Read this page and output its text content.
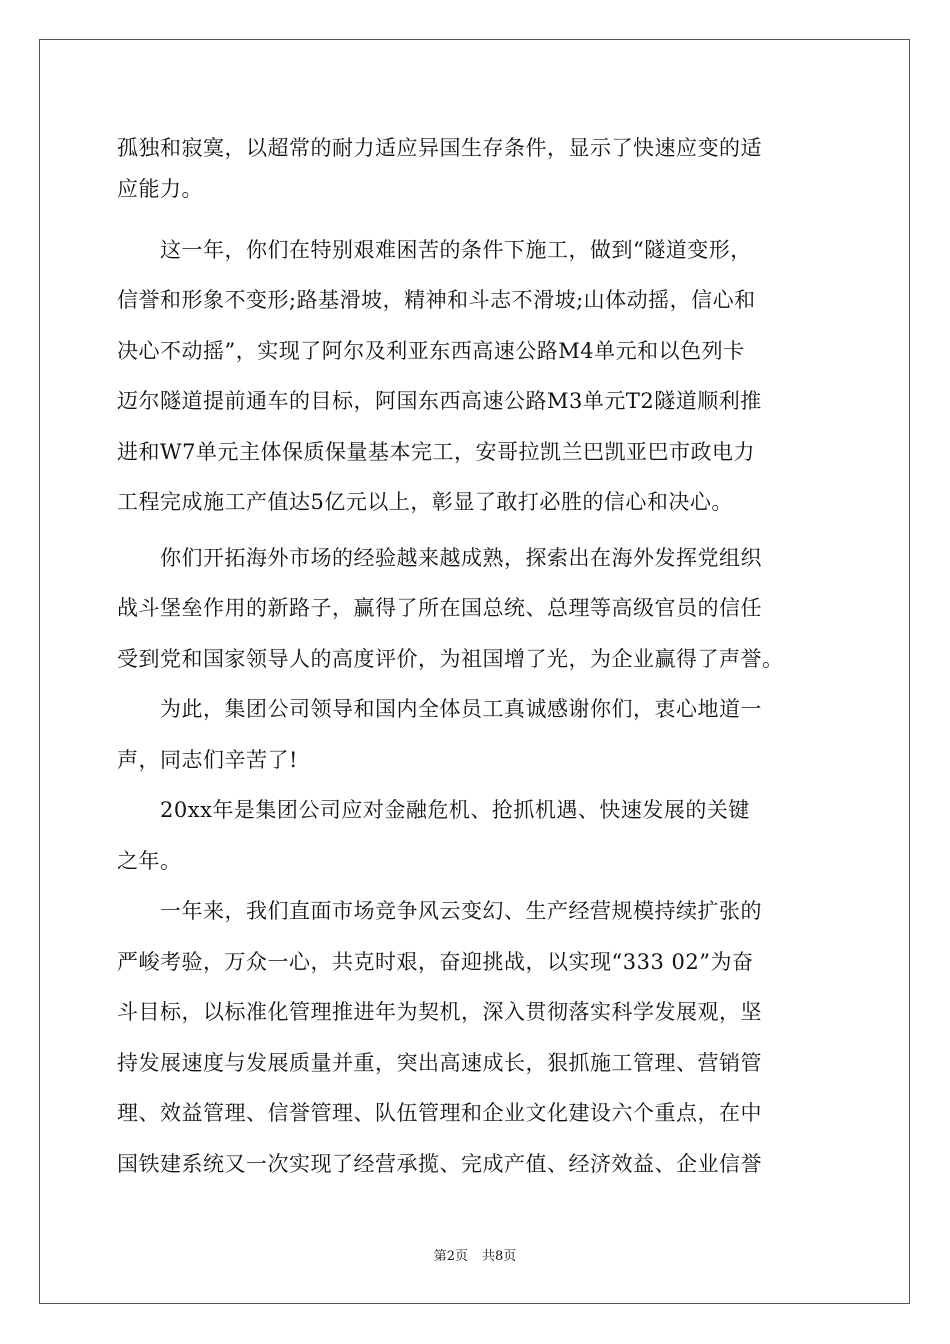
孤独和寂寞，以超常的耐力适应异国生存条件，显示了快速应变的适
应能力。
　　这一年，你们在特别艰难困苦的条件下施工，做到“隧道变形，
信誉和形象不变形;路基滑坡，精神和斗志不滑坡;山体动摇，信心和
决心不动摇”，实现了阿尔及利亚东西高速公路M4单元和以色列卡
迈尔隧道提前通车的目标，阿国东西高速公路M3单元T2隧道顺利推
进和W7单元主体保质保量基本完工，安哥拉凯兰巴凯亚巴市政电力
工程完成施工产值达5亿元以上，彰显了敢打必胜的信心和决心。
　　你们开拓海外市场的经验越来越成熟，探索出在海外发挥党组织
战斗堡垒作用的新路子，赢得了所在国总统、总理等高级官员的信任
受到党和国家领导人的高度评价，为祖国增了光，为企业赢得了声誉。
　　为此，集团公司领导和国内全体员工真诚感谢你们，衷心地道一
声，同志们辛苦了!
　　20xx年是集团公司应对金融危机、抢抓机遇、快速发展的关键
之年。
　　一年来，我们直面市场竞争风云变幻、生产经营规模持续扩张的
严峻考验，万众一心，共克时艰，奋迎挑战，以实现“333 02”为奋
斗目标，以标准化管理推进年为契机，深入贯彻落实科学发展观，坚
持发展速度与发展质量并重，突出高速成长，狠抓施工管理、营销管
理、效益管理、信誉管理、队伍管理和企业文化建设六个重点，在中
国铁建系统又一次实现了经营承揽、完成产值、经济效益、企业信誉
第2页 共8页
